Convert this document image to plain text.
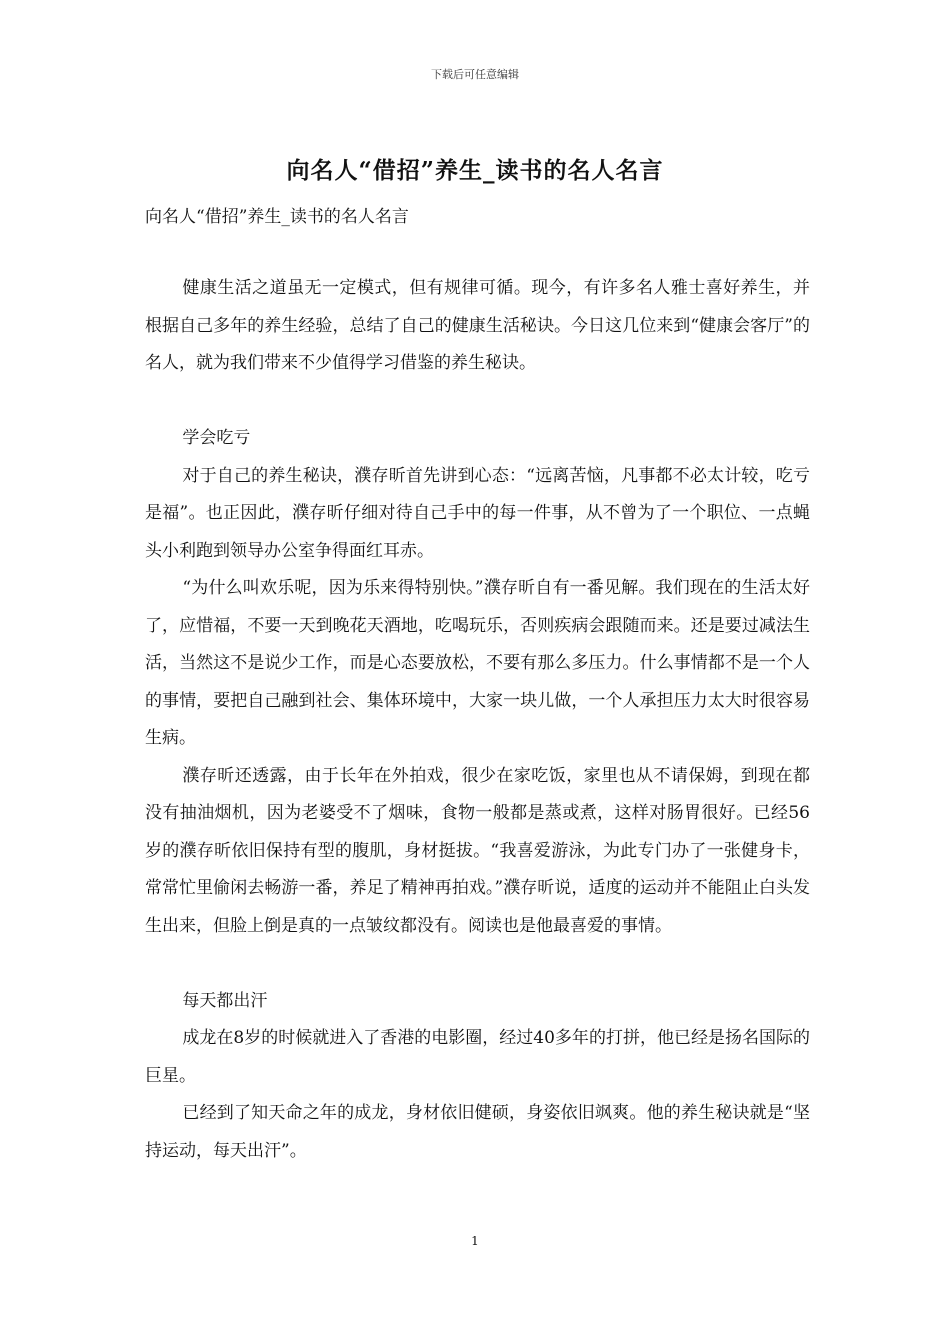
下载后可任意编辑
向名人“借招”养生_读书的名人名言
向名人“借招”养生_读书的名人名言

健康生活之道虽无一定模式，但有规律可循。现今，有许多名人雅士喜好养生，并根据自己多年的养生经验，总结了自己的健康生活秘诀。今日这几位来到“健康会客厅”的名人，就为我们带来不少值得学习借鉴的养生秘诀。

学会吃亏

对于自己的养生秘诀，濮存昕首先讲到心态：“远离苦恼，凡事都不必太计较，吃亏是福”。也正因此，濮存昕仔细对待自己手中的每一件事，从不曾为了一个职位、一点蝇头小利跑到领导办公室争得面红耳赤。

“为什么叫欢乐呢，因为乐来得特别快。”濮存昕自有一番见解。我们现在的生活太好了，应惜福，不要一天到晚花天酒地，吃喝玩乐，否则疾病会跟随而来。还是要过减法生活，当然这不是说少工作，而是心态要放松，不要有那么多压力。什么事情都不是一个人的事情，要把自己融到社会、集体环境中，大家一块儿做，一个人承担压力太大时很容易生病。

濮存昕还透露，由于长年在外拍戏，很少在家吃饭，家里也从不请保姆，到现在都没有抽油烟机，因为老婆受不了烟味，食物一般都是蒸或煮，这样对肠胃很好。已经56岁的濮存昕依旧保持有型的腹肌，身材挺拔。“我喜爱游泳，为此专门办了一张健身卡，常常忙里偷闲去畅游一番，养足了精神再拍戏。”濮存昕说，适度的运动并不能阻止白头发生出来，但脸上倒是真的一点皱纹都没有。阅读也是他最喜爱的事情。

每天都出汗

成龙在8岁的时候就进入了香港的电影圈，经过40多年的打拼，他已经是扬名国际的巨星。

已经到了知天命之年的成龙，身材依旧健硕，身姿依旧飒爽。他的养生秘诀就是“坚持运动，每天出汗”。

1
